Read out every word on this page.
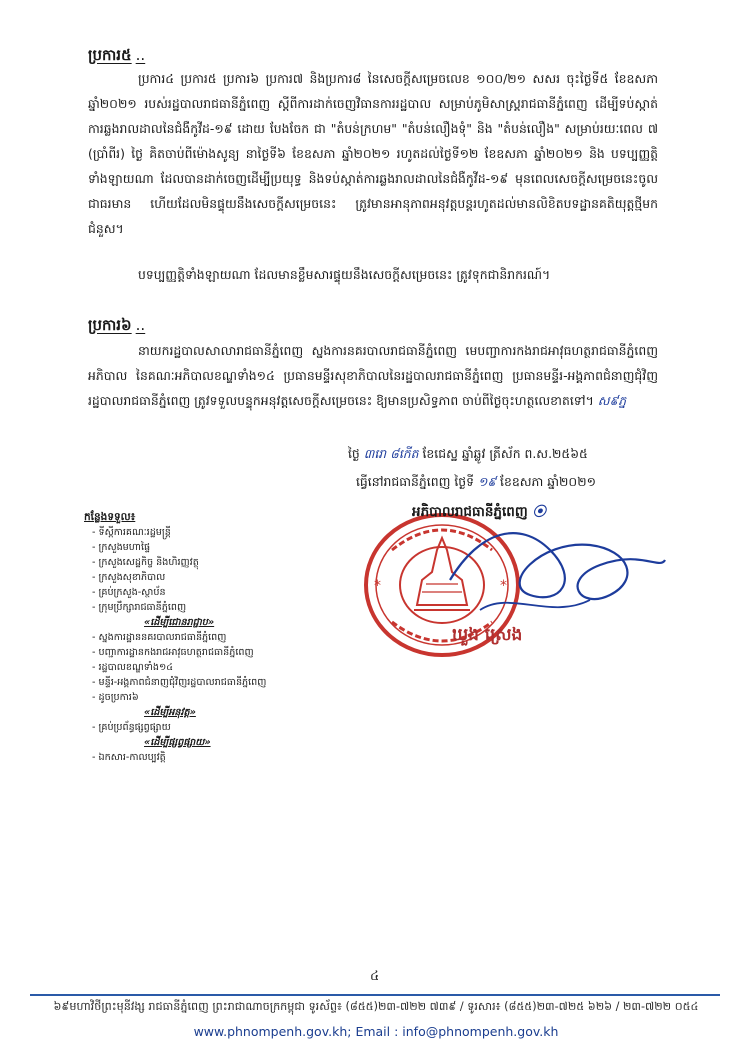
ប្រការ៥ ..

ប្រការ៤ ប្រការ៥ ប្រការ៦ ប្រការ៧ និងប្រការ៨ នៃសេចក្តីសម្រេចលេខ ១០០/២១ សសរ ចុះថ្ងៃទី៥ ខែឧសភា ឆ្នាំ២០២១ របស់រដ្ឋបាលរាជធានីភ្នំពេញ ស្តីពីការដាក់ចេញវិធានការរដ្ឋបាល សម្រាប់ភូមិសាស្ត្ររាជធានីភ្នំពេញ ដើម្បីទប់ស្កាត់ការឆ្លងរាលដាលនៃជំងឺកូវីដ-១៩ ដោយ បែងចែក ជា "តំបន់ក្រហម" "តំបន់លឿងទុំ" និង "តំបន់លឿង" សម្រាប់រយៈពេល ៧ (ប្រាំពីរ) ថ្ងៃ គិតចាប់ពីម៉ោងសូន្យ នាថ្ងៃទី៦ ខែឧសភា ឆ្នាំ២០២១ រហូតដល់ថ្ងៃទី១២ ខែឧសភា ឆ្នាំ២០២១ និង បទប្បញ្ញត្តិទាំងឡាយណា ដែលបានដាក់ចេញដើម្បីប្រយុទ្ធ និងទប់ស្កាត់ការឆ្លងរាលដាលនៃជំងឺកូវីដ-១៩ មុនពេលសេចក្តីសម្រេចនេះចូលជាធរមាន ហើយដែលមិនផ្ទុយនឹងសេចក្តីសម្រេចនេះ ត្រូវមានអានុភាពអនុវត្តបន្តរហូតដល់មានលិខិតបទដ្ឋានគតិយុត្តថ្មីមកជំនួស។

បទប្បញ្ញត្តិទាំងឡាយណា ដែលមានខ្លឹមសារផ្ទុយនឹងសេចក្តីសម្រេចនេះ ត្រូវទុកជានិរាករណ៍។

ប្រការ៦ ..

នាយករដ្ឋបាលសាលារាជធានីភ្នំពេញ ស្នងការនគរបាលរាជធានីភ្នំពេញ មេបញ្ជាការកងរាជអាវុធហត្ថរាជធានីភ្នំពេញ អភិបាល នៃគណៈអភិបាលខណ្ឌទាំង១៤ ប្រធានមន្ទីរសុខាភិបាលនៃរដ្ឋបាលរាជធានីភ្នំពេញ ប្រធានមន្ទីរ-អង្គភាពជំនាញជុំវិញរដ្ឋបាលរាជធានីភ្នំពេញ ត្រូវទទួលបន្ទុកអនុវត្តសេចក្តីសម្រេចនេះ ឱ្យមានប្រសិទ្ធភាព ចាប់ពីថ្ងៃចុះហត្ថលេខាតទៅ។ ស៩ភ្ន

ថ្ងៃ ៣រោ ៨កើត ខែជេស្ឋ ឆ្នាំឆ្លូវ ត្រីស័ក ព.ស.២៥៦៥
ធ្វើនៅរាជធានីភ្នំពេញ ថ្ងៃទី ១៩ ខែឧសភា ឆ្នាំ២០២១
*	*
អភិបាលរាជធានីភ្នំពេញ ⦿
ឃួង ស្រេង
កន្លែងទទួល៖
- ទីស្តីការគណៈរដ្ឋមន្ត្រី
- ក្រសួងមហាផ្ទៃ
- ក្រសួងសេដ្ឋកិច្ច និងហិរញ្ញវត្ថុ
- ក្រសួងសុខាភិបាល
- គ្រប់ក្រសួង-ស្ថាប័ន
- ក្រុមប្រឹក្សារាជធានីភ្នំពេញ
«ដើម្បីជោនរាជ្ជាប»
- ស្នងការដ្ឋាននគរបាលរាជធានីភ្នំពេញ
- បញ្ជាការដ្ឋានកងរាជអាវុធហត្ថរាជធានីភ្នំពេញ
- រដ្ឋបាលខណ្ឌទាំង១៤
- មន្ទីរ-អង្គភាពជំនាញជុំវិញរដ្ឋបាលរាជធានីភ្នំពេញ
- ដូចប្រការ៦
«ដើម្បីអនុវត្ត»
- គ្រប់ប្រព័ន្ធផ្សព្វផ្សាយ
«ដើម្បីផ្សព្វផ្សាយ»
- ឯកសារ-កាលប្បវត្តិ
៤
៦៩មហាវិថីព្រះមុនីវង្ស រាជធានីភ្នំពេញ ព្រះរាជាណាចក្រកម្ពុជា ទូរស័ព្ទ៖ (៨៥៥)២៣-៧២២ ៧៣៩ / ទូរសារ៖ (៨៥៥)២៣-៧២៥ ៦២៦ / ២៣-៧២២ ០៥៤
www.phnompenh.gov.kh; Email : info@phnompenh.gov.kh
